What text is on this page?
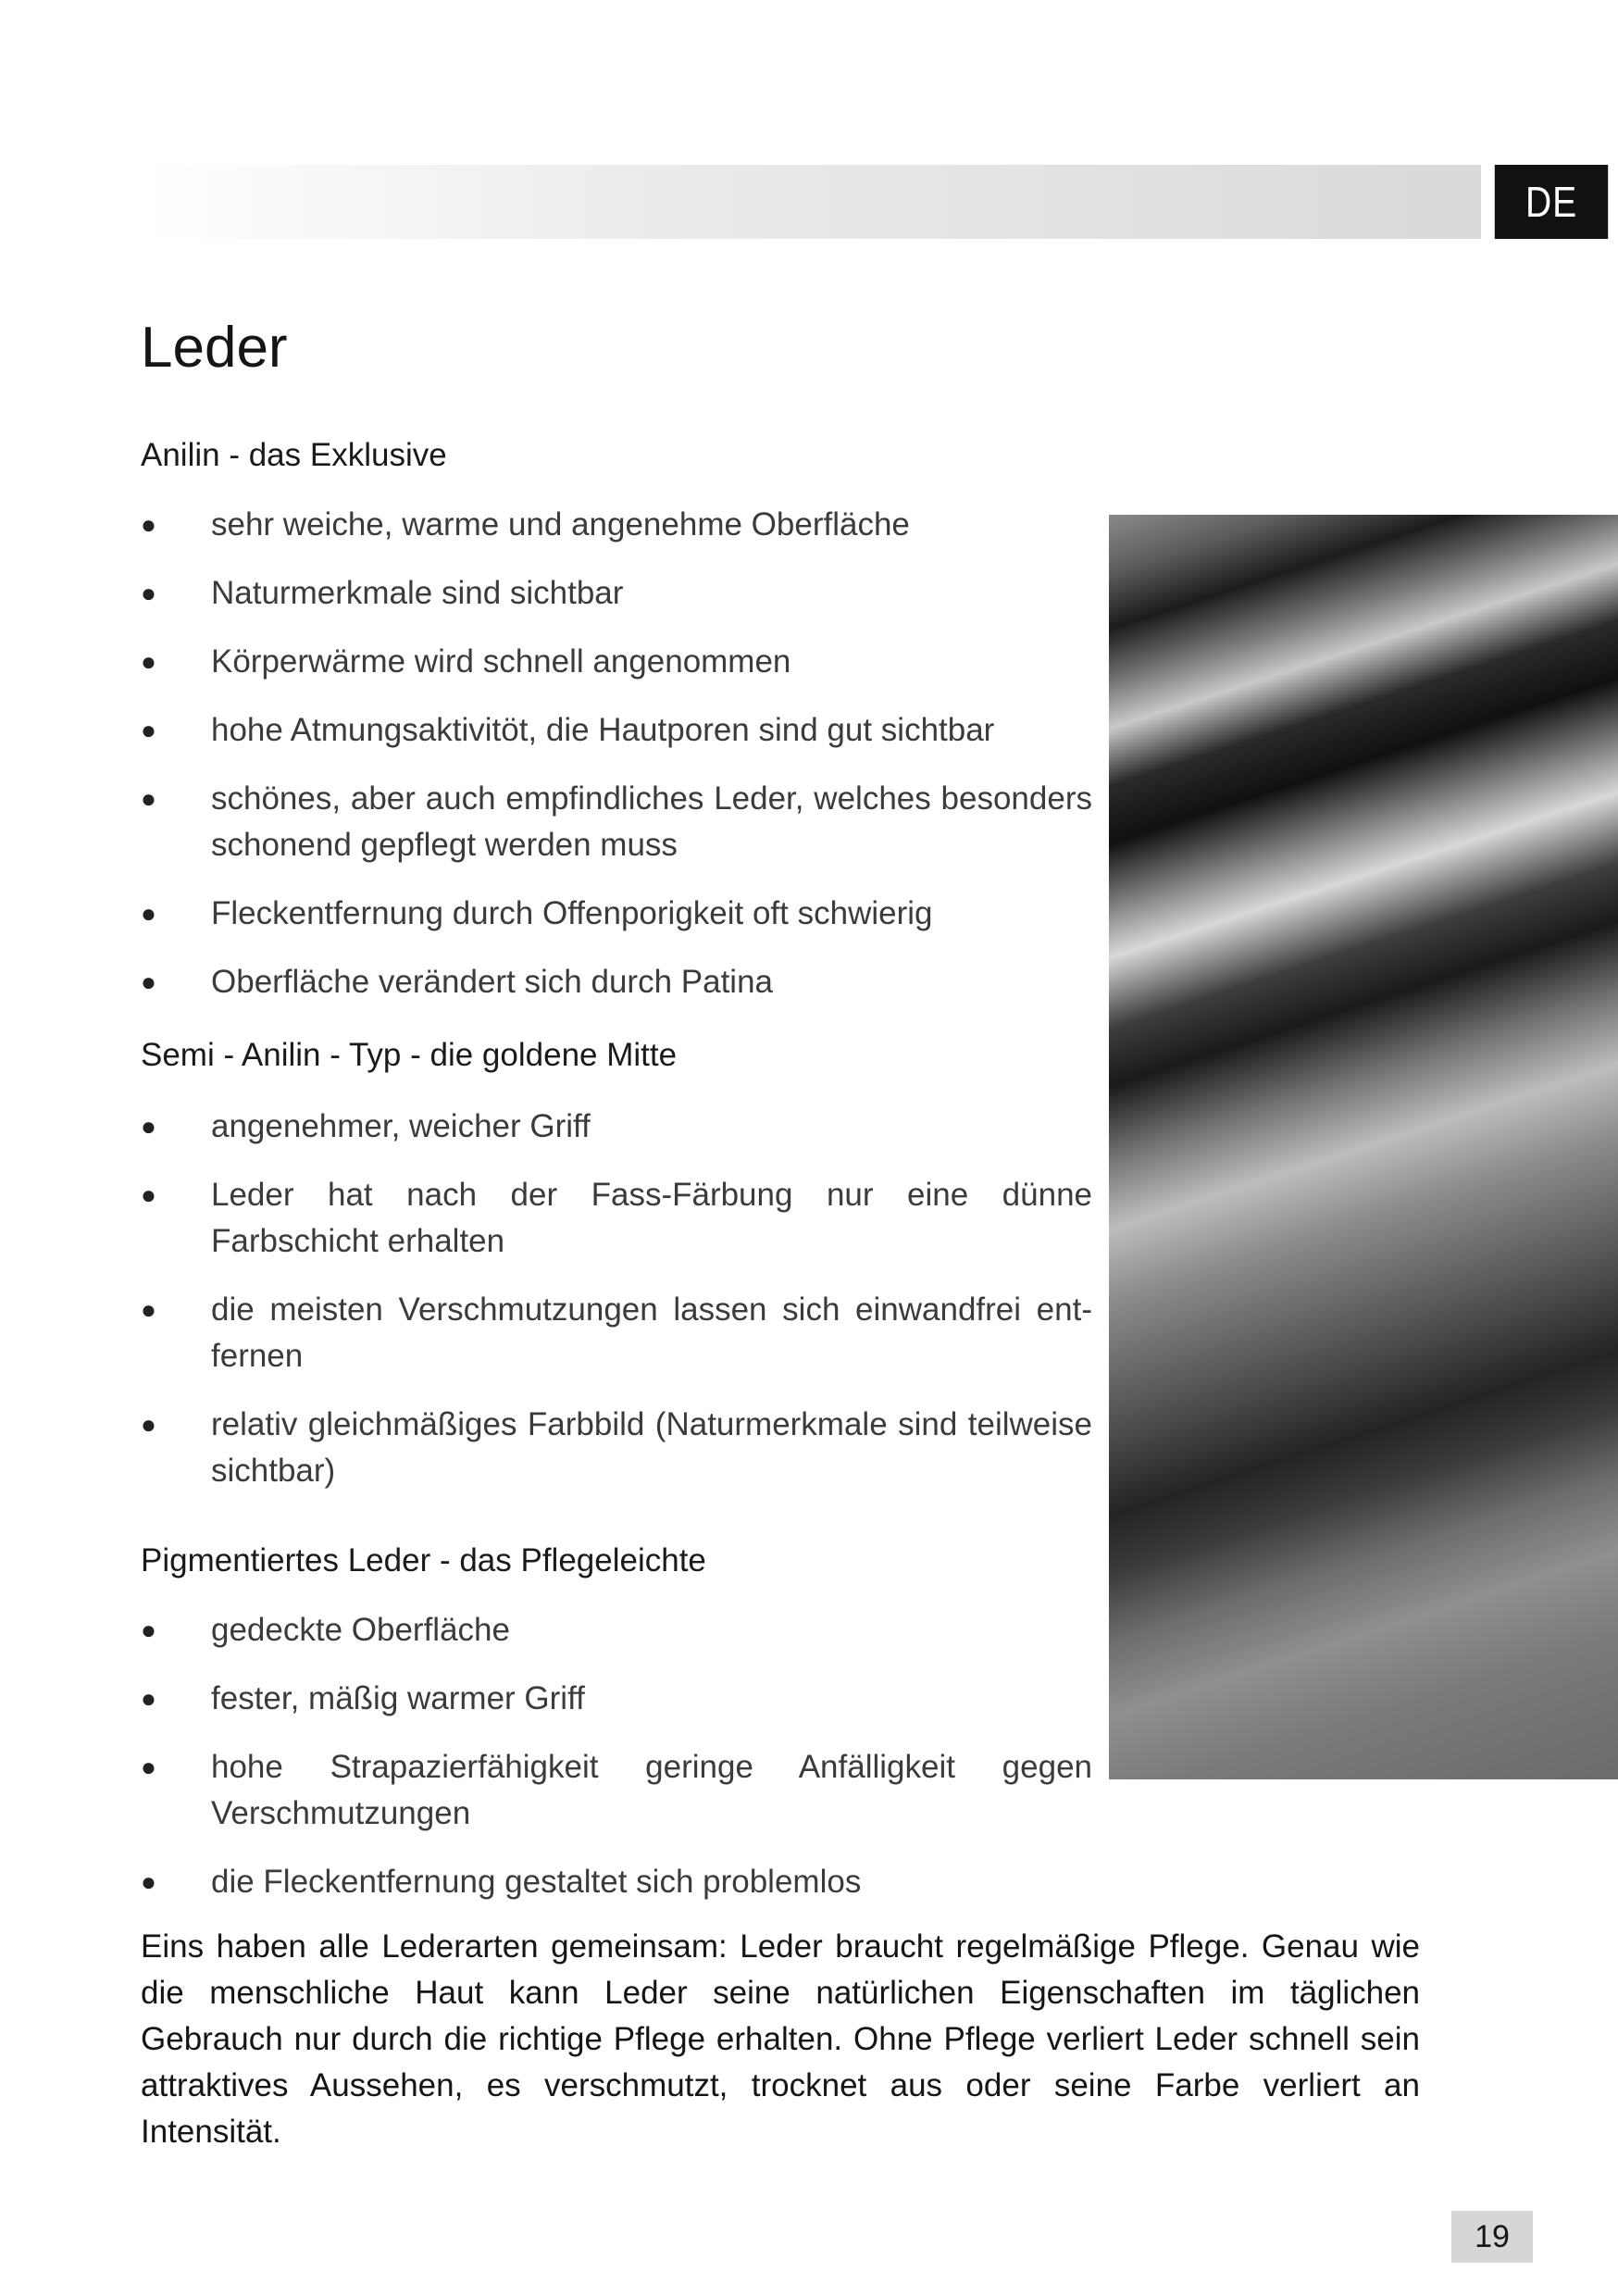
DE
Leder
Anilin - das Exklusive
● sehr weiche, warme und angenehme Oberfläche
● Naturmerkmale sind sichtbar
● Körperwärme wird schnell angenommen
● hohe Atmungsaktivitöt, die Hautporen sind gut sichtbar
● schönes, aber auch empfindliches Leder, welches besonders schonend gepflegt werden muss
● Fleckentfernung durch Offenporigkeit oft schwierig
● Oberfläche verändert sich durch Patina
Semi - Anilin - Typ - die goldene Mitte
● angenehmer, weicher Griff
● Leder hat nach der Fass-Färbung nur eine dünne Farbschicht erhalten
● die meisten Verschmutzungen lassen sich einwandfrei ent-fernen
● relativ gleichmäßiges Farbbild (Naturmerkmale sind teilweise sichtbar)
Pigmentiertes Leder - das Pflegeleichte
● gedeckte Oberfläche
● fester, mäßig warmer Griff
● hohe Strapazierfähigkeit geringe Anfälligkeit gegen Verschmutzungen
● die Fleckentfernung gestaltet sich problemlos

Eins haben alle Lederarten gemeinsam: Leder braucht regelmäßige Pflege. Genau wie die menschliche Haut kann Leder seine natürlichen Eigenschaften im täglichen Gebrauch nur durch die richtige Pflege erhalten. Ohne Pflege verliert Leder schnell sein attraktives Aussehen, es verschmutzt, trocknet aus oder seine Farbe verliert an Intensität.

19
